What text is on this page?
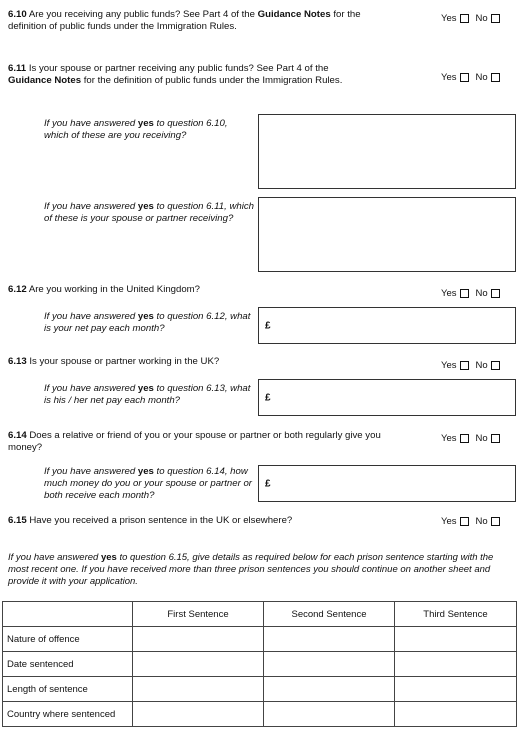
6.10 Are you receiving any public funds? See Part 4 of the Guidance Notes for the definition of public funds under the Immigration Rules.
Yes No
6.11 Is your spouse or partner receiving any public funds? See Part 4 of the Guidance Notes for the definition of public funds under the Immigration Rules.	Yes No
If you have answered yes to question 6.10, which of these are you receiving?
If you have answered yes to question 6.11, which of these is your spouse or partner receiving?
6.12 Are you working in the United Kingdom?	Yes No
If you have answered yes to question 6.12, what is your net pay each month?	£
6.13 Is your spouse or partner working in the UK?	Yes No
If you have answered yes to question 6.13, what is his / her net pay each month?	£
6.14 Does a relative or friend of you or your spouse or partner or both regularly give you money?
Yes No
If you have answered yes to question 6.14, how much money do you or your spouse or partner or both receive each month?
£
6.15 Have you received a prison sentence in the UK or elsewhere?	Yes No
If you have answered yes to question 6.15, give details as required below for each prison sentence starting with the most recent one. If you have received more than three prison sentences you should continue on another sheet and provide it with your application.
	First Sentence	Second Sentence	Third Sentence
Nature of offence			
Date sentenced			
Length of sentence			
Country where sentenced			
